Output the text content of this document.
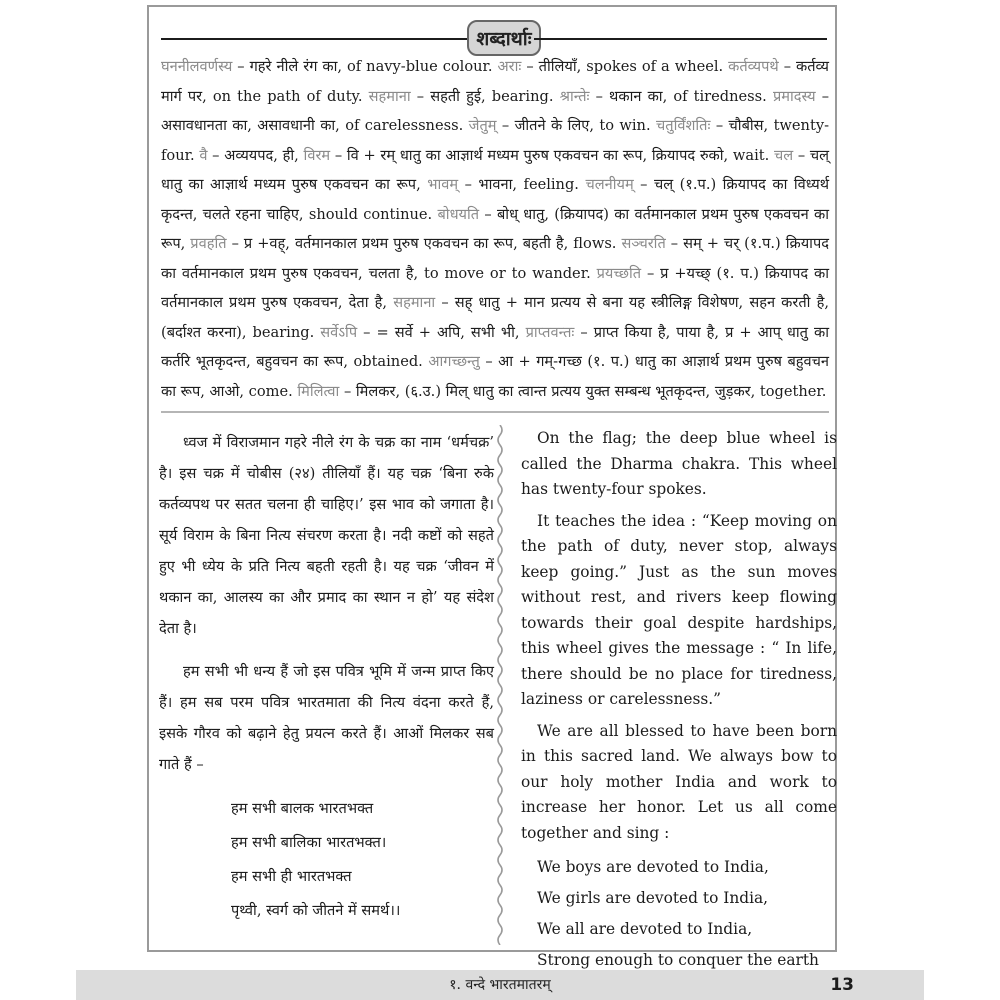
शब्दार्थाः
घननीलवर्णस्य – गहरे नीले रंग का, of navy-blue colour. अराः – तीलियाँ, spokes of a wheel. कर्तव्यपथे – कर्तव्य मार्ग पर, on the path of duty. सहमाना – सहती हुई, bearing. श्रान्तेः – थकान का, of tiredness. प्रमादस्य – असावधानता का, असावधानी का, of carelessness. जेतुम् – जीतने के लिए, to win. चतुर्विंशतिः – चौबीस, twenty-four. वै – अव्ययपद, ही, विरम – वि + रम् धातु का आज्ञार्थ मध्यम पुरुष एकवचन का रूप, क्रियापद रुको, wait. चल – चल् धातु का आज्ञार्थ मध्यम पुरुष एकवचन का रूप, भावम् – भावना, feeling. चलनीयम् – चल् (१.प.) क्रियापद का विध्यर्थ कृदन्त, चलते रहना चाहिए, should continue. बोधयति – बोध् धातु, (क्रियापद) का वर्तमानकाल प्रथम पुरुष एकवचन का रूप, प्रवहति – प्र +वह्, वर्तमानकाल प्रथम पुरुष एकवचन का रूप, बहती है, flows. सञ्चरति – सम् + चर् (१.प.) क्रियापद का वर्तमानकाल प्रथम पुरुष एकवचन, चलता है, to move or to wander. प्रयच्छति – प्र +यच्छ् (१. प.) क्रियापद का वर्तमानकाल प्रथम पुरुष एकवचन, देता है, सहमाना – सह् धातु + मान प्रत्यय से बना यह स्त्रीलिङ्ग विशेषण, सहन करती है, (बर्दाश्त करना), bearing. सर्वेऽपि – = सर्वे + अपि, सभी भी, प्राप्तवन्तः – प्राप्त किया है, पाया है, प्र + आप् धातु का कर्तरि भूतकृदन्त, बहुवचन का रूप, obtained. आगच्छन्तु – आ + गम्-गच्छ (१. प.) धातु का आज्ञार्थ प्रथम पुरुष बहुवचन का रूप, आओ, come. मिलित्वा – मिलकर, (६.उ.) मिल् धातु का त्वान्त प्रत्यय युक्त सम्बन्ध भूतकृदन्त, जुड़कर, together.

ध्वज में विराजमान गहरे नीले रंग के चक्र का नाम ‘धर्मचक्र’ है। इस चक्र में चोबीस (२४) तीलियाँ हैं। यह चक्र ‘बिना रुके कर्तव्यपथ पर सतत चलना ही चाहिए।’ इस भाव को जगाता है। सूर्य विराम के बिना नित्य संचरण करता है। नदी कष्टों को सहते हुए भी ध्येय के प्रति नित्य बहती रहती है। यह चक्र ‘जीवन में थकान का, आलस्य का और प्रमाद का स्थान न हो’ यह संदेश देता है।

हम सभी भी धन्य हैं जो इस पवित्र भूमि में जन्म प्राप्त किए हैं। हम सब परम पवित्र भारतमाता की नित्य वंदना करते हैं, इसके गौरव को बढ़ाने हेतु प्रयत्न करते हैं। आओं मिलकर सब गाते हैं –

हम सभी बालक भारतभक्त
हम सभी बालिका भारतभक्त।
हम सभी ही भारतभक्त
पृथ्वी, स्वर्ग को जीतने में समर्थ।।

On the flag; the deep blue wheel is called the Dharma chakra. This wheel has twenty-four spokes.

It teaches the idea : “Keep moving on the path of duty, never stop, always keep going.” Just as the sun moves without rest, and rivers keep flowing towards their goal despite hardships, this wheel gives the message : “ In life, there should be no place for tiredness, laziness or carelessness.”

We are all blessed to have been born in this sacred land. We always bow to our holy mother India and work to increase her honor. Let us all come together and sing :

We boys are devoted to India,
We girls are devoted to India,
We all are devoted to India,
Strong enough to conquer the earth
१. वन्दे भारतमातरम्	13
